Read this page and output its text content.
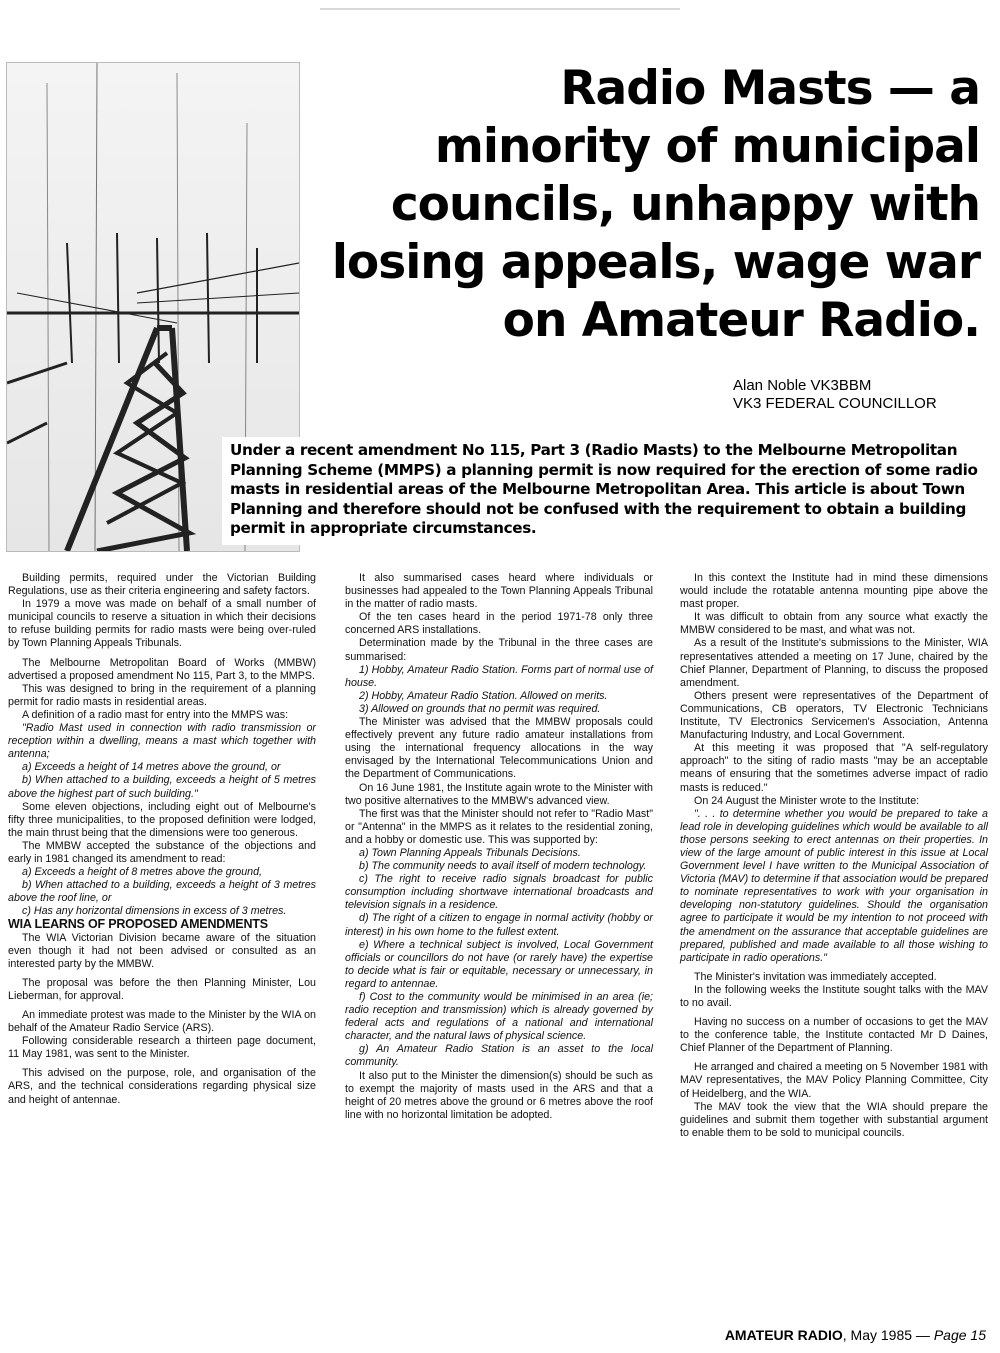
Radio Masts — a minority of municipal councils, unhappy with losing appeals, wage war on Amateur Radio.
Alan Noble VK3BBM
VK3 FEDERAL COUNCILLOR
Under a recent amendment No 115, Part 3 (Radio Masts) to the Melbourne Metropolitan Planning Scheme (MMPS) a planning permit is now required for the erection of some radio masts in residential areas of the Melbourne Metropolitan Area. This article is about Town Planning and therefore should not be confused with the requirement to obtain a building permit in appropriate circumstances.

Building permits, required under the Victorian Building Regulations, use as their criteria engineering and safety factors.

In 1979 a move was made on behalf of a small number of municipal councils to reserve a situation in which their decisions to refuse building permits for radio masts were being over-ruled by Town Planning Appeals Tribunals.

The Melbourne Metropolitan Board of Works (MMBW) advertised a proposed amendment No 115, Part 3, to the MMPS.

This was designed to bring in the requirement of a planning permit for radio masts in residential areas.

A definition of a radio mast for entry into the MMPS was:

"Radio Mast used in connection with radio transmission or reception within a dwelling, means a mast which together with antenna;

a) Exceeds a height of 14 metres above the ground, or

b) When attached to a building, exceeds a height of 5 metres above the highest part of such building."

Some eleven objections, including eight out of Melbourne's fifty three municipalities, to the proposed definition were lodged, the main thrust being that the dimensions were too generous.

The MMBW accepted the substance of the objections and early in 1981 changed its amendment to read:

a) Exceeds a height of 8 metres above the ground,

b) When attached to a building, exceeds a height of 3 metres above the roof line, or

c) Has any horizontal dimensions in excess of 3 metres.

WIA LEARNS OF PROPOSED AMENDMENTS

The WIA Victorian Division became aware of the situation even though it had not been advised or consulted as an interested party by the MMBW.

The proposal was before the then Planning Minister, Lou Lieberman, for approval.

An immediate protest was made to the Minister by the WIA on behalf of the Amateur Radio Service (ARS).

Following considerable research a thirteen page document, 11 May 1981, was sent to the Minister.

This advised on the purpose, role, and organisation of the ARS, and the technical considerations regarding physical size and height of antennae.

It also summarised cases heard where individuals or businesses had appealed to the Town Planning Appeals Tribunal in the matter of radio masts.

Of the ten cases heard in the period 1971-78 only three concerned ARS installations.

Determination made by the Tribunal in the three cases are summarised:

1) Hobby, Amateur Radio Station. Forms part of normal use of house.

2) Hobby, Amateur Radio Station. Allowed on merits.

3) Allowed on grounds that no permit was required.

The Minister was advised that the MMBW proposals could effectively prevent any future radio amateur installations from using the international frequency allocations in the way envisaged by the International Telecommunications Union and the Department of Communications.

On 16 June 1981, the Institute again wrote to the Minister with two positive alternatives to the MMBW's advanced view.

The first was that the Minister should not refer to "Radio Mast" or "Antenna" in the MMPS as it relates to the residential zoning, and a hobby or domestic use. This was supported by:

a) Town Planning Appeals Tribunals Decisions.

b) The community needs to avail itself of modern technology.

c) The right to receive radio signals broadcast for public consumption including shortwave international broadcasts and television signals in a residence.

d) The right of a citizen to engage in normal activity (hobby or interest) in his own home to the fullest extent.

e) Where a technical subject is involved, Local Government officials or councillors do not have (or rarely have) the expertise to decide what is fair or equitable, necessary or unnecessary, in regard to antennae.

f) Cost to the community would be minimised in an area (ie; radio reception and transmission) which is already governed by federal acts and regulations of a national and international character, and the natural laws of physical science.

g) An Amateur Radio Station is an asset to the local community.

It also put to the Minister the dimension(s) should be such as to exempt the majority of masts used in the ARS and that a height of 20 metres above the ground or 6 metres above the roof line with no horizontal limitation be adopted.

In this context the Institute had in mind these dimensions would include the rotatable antenna mounting pipe above the mast proper.

It was difficult to obtain from any source what exactly the MMBW considered to be mast, and what was not.

As a result of the Institute's submissions to the Minister, WIA representatives attended a meeting on 17 June, chaired by the Chief Planner, Department of Planning, to discuss the proposed amendment.

Others present were representatives of the Department of Communications, CB operators, TV Electronic Technicians Institute, TV Electronics Servicemen's Association, Antenna Manufacturing Industry, and Local Government.

At this meeting it was proposed that "A self-regulatory approach" to the siting of radio masts "may be an acceptable means of ensuring that the sometimes adverse impact of radio masts is reduced."

On 24 August the Minister wrote to the Institute:

". . . to determine whether you would be prepared to take a lead role in developing guidelines which would be available to all those persons seeking to erect antennas on their properties. In view of the large amount of public interest in this issue at Local Government level I have written to the Municipal Association of Victoria (MAV) to determine if that association would be prepared to nominate representatives to work with your organisation in developing non-statutory guidelines. Should the organisation agree to participate it would be my intention to not proceed with the amendment on the assurance that acceptable guidelines are prepared, published and made available to all those wishing to participate in radio operations."

The Minister's invitation was immediately accepted.

In the following weeks the Institute sought talks with the MAV to no avail.

Having no success on a number of occasions to get the MAV to the conference table, the Institute contacted Mr D Daines, Chief Planner of the Department of Planning.

He arranged and chaired a meeting on 5 November 1981 with MAV representatives, the MAV Policy Planning Committee, City of Heidelberg, and the WIA.

The MAV took the view that the WIA should prepare the guidelines and submit them together with substantial argument to enable them to be sold to municipal councils.

AMATEUR RADIO, May 1985 — Page 15
